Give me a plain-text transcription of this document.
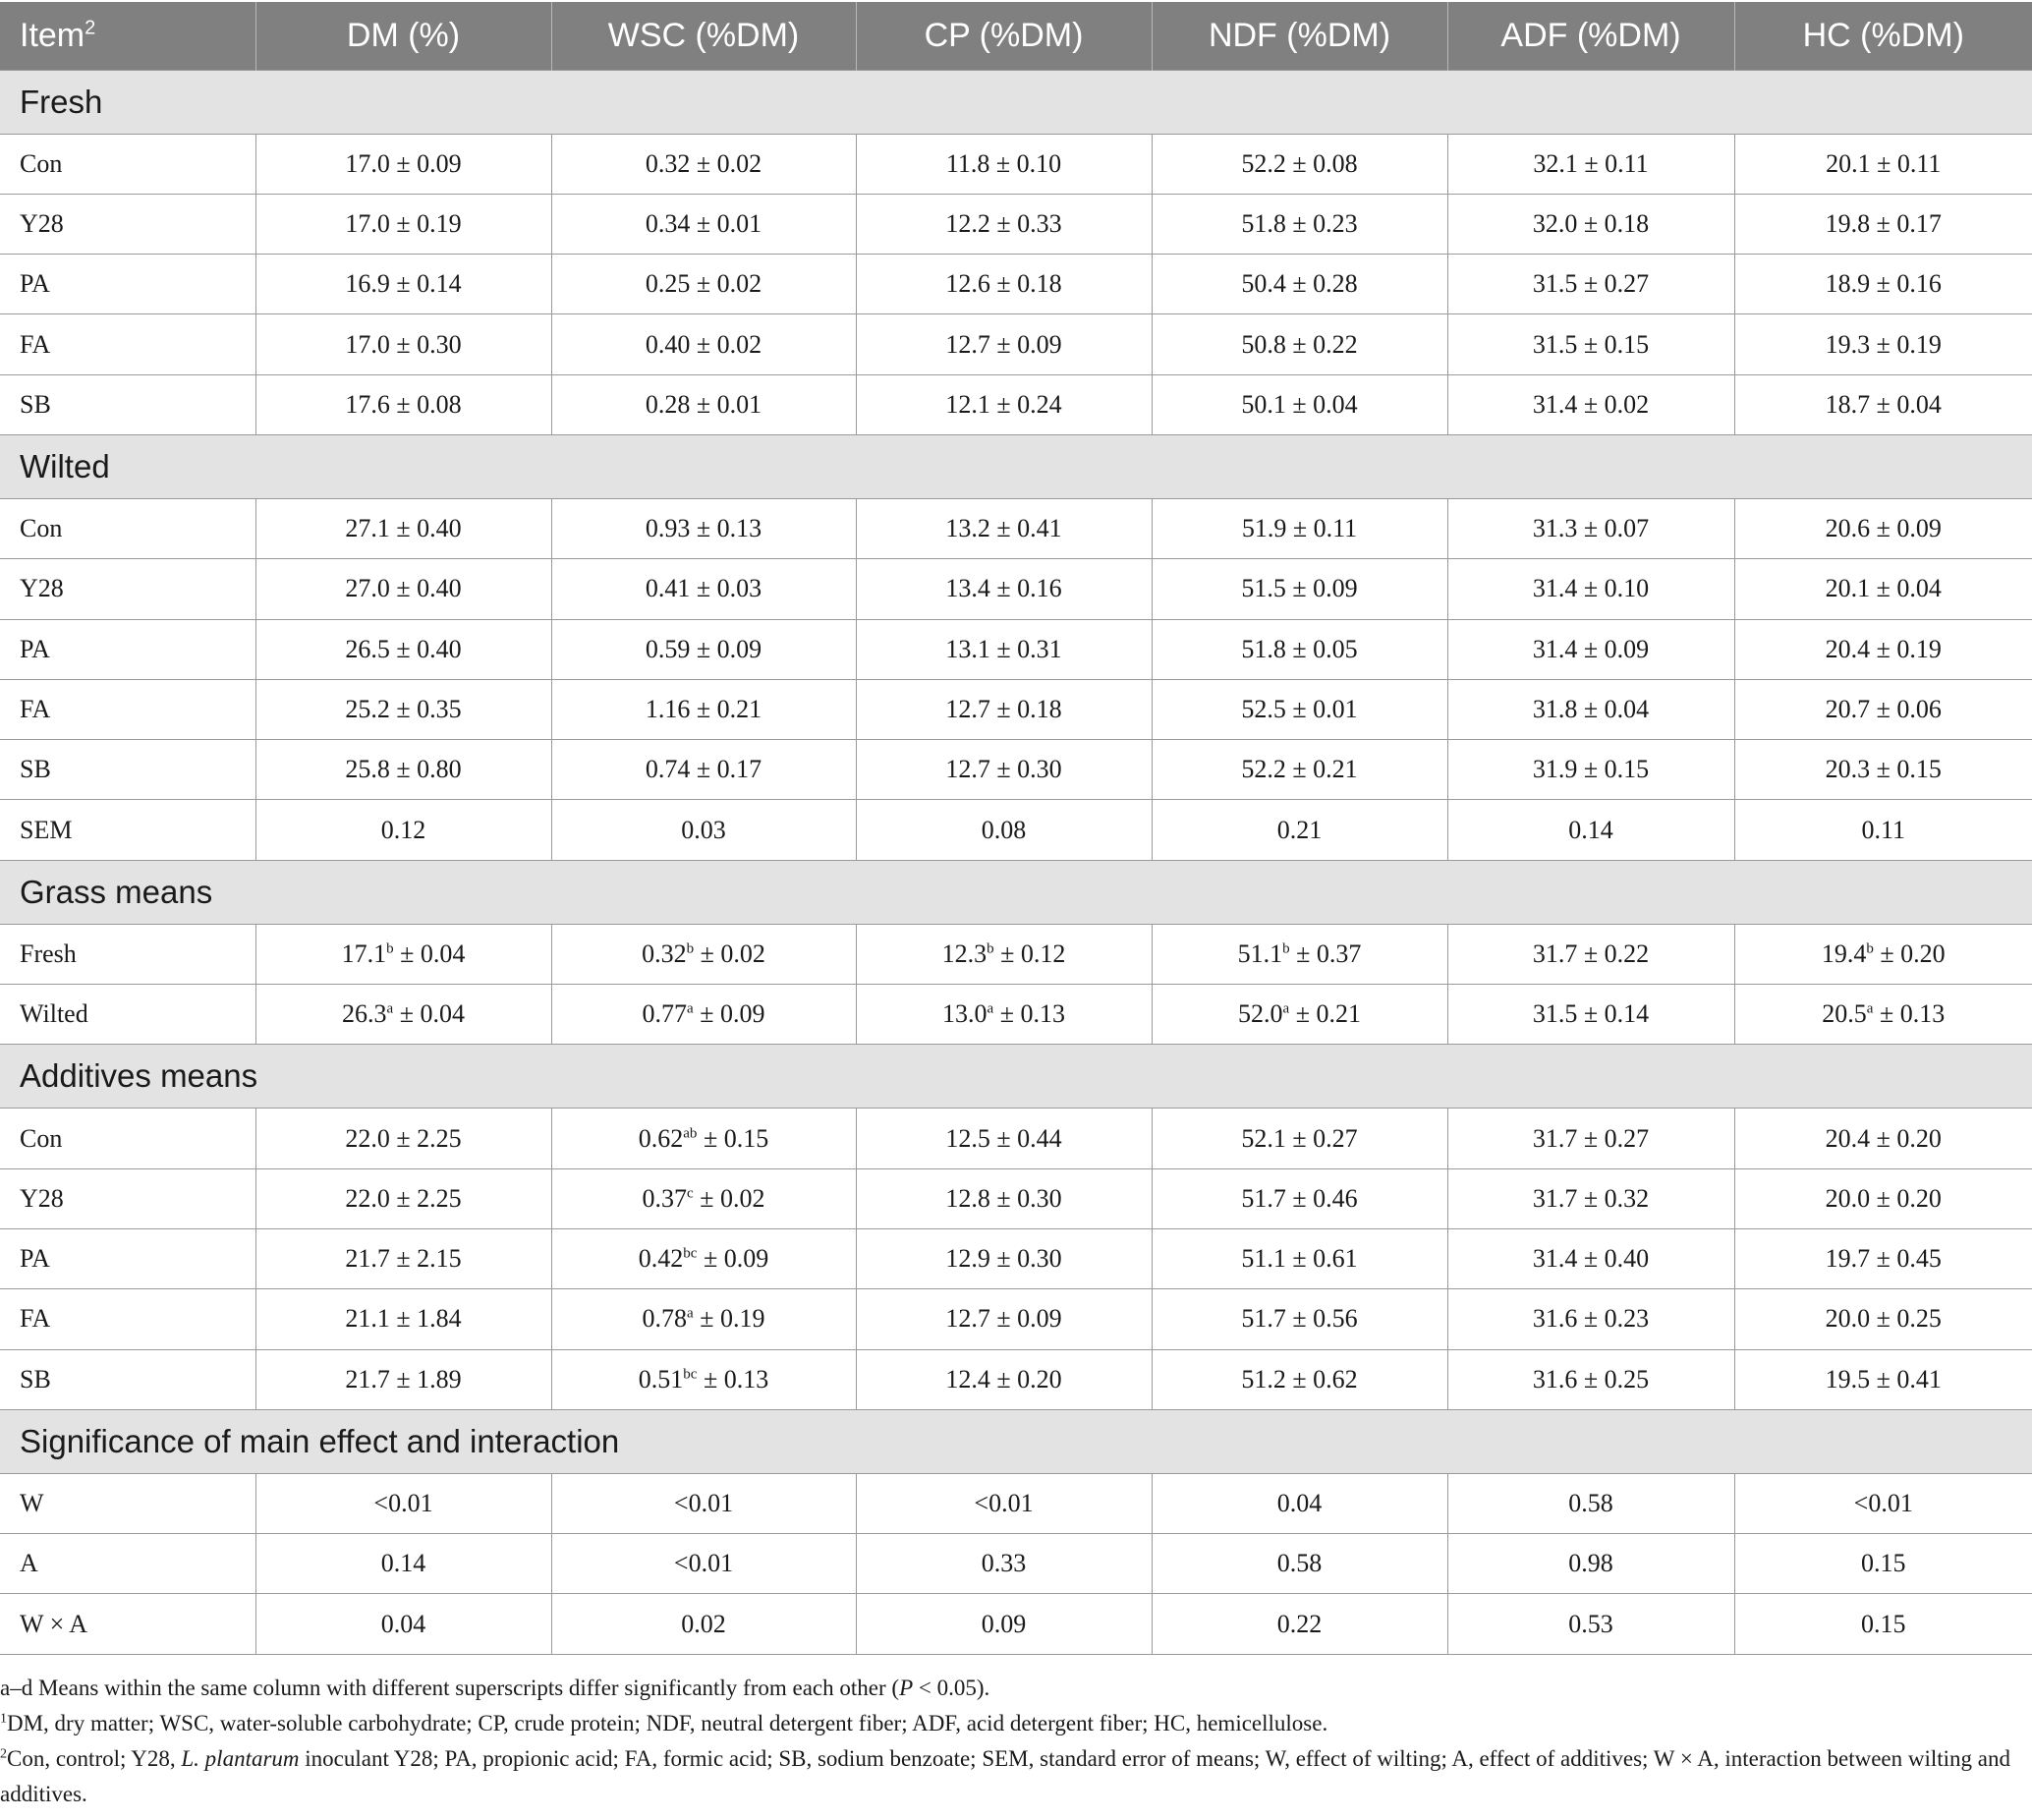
Item$^2$	DM (%)	WSC (%DM)	CP (%DM)	NDF (%DM)	ADF (%DM)	HC (%DM)
Fresh						
Con	17.0 ± 0.09	0.32 ± 0.02	11.8 ± 0.10	52.2 ± 0.08	32.1 ± 0.11	20.1 ± 0.11
Y28	17.0 ± 0.19	0.34 ± 0.01	12.2 ± 0.33	51.8 ± 0.23	32.0 ± 0.18	19.8 ± 0.17
PA	16.9 ± 0.14	0.25 ± 0.02	12.6 ± 0.18	50.4 ± 0.28	31.5 ± 0.27	18.9 ± 0.16
FA	17.0 ± 0.30	0.40 ± 0.02	12.7 ± 0.09	50.8 ± 0.22	31.5 ± 0.15	19.3 ± 0.19
SB	17.6 ± 0.08	0.28 ± 0.01	12.1 ± 0.24	50.1 ± 0.04	31.4 ± 0.02	18.7 ± 0.04
Wilted						
Con	27.1 ± 0.40	0.93 ± 0.13	13.2 ± 0.41	51.9 ± 0.11	31.3 ± 0.07	20.6 ± 0.09
Y28	27.0 ± 0.40	0.41 ± 0.03	13.4 ± 0.16	51.5 ± 0.09	31.4 ± 0.10	20.1 ± 0.04
PA	26.5 ± 0.40	0.59 ± 0.09	13.1 ± 0.31	51.8 ± 0.05	31.4 ± 0.09	20.4 ± 0.19
FA	25.2 ± 0.35	1.16 ± 0.21	12.7 ± 0.18	52.5 ± 0.01	31.8 ± 0.04	20.7 ± 0.06
SB	25.8 ± 0.80	0.74 ± 0.17	12.7 ± 0.30	52.2 ± 0.21	31.9 ± 0.15	20.3 ± 0.15
SEM	0.12	0.03	0.08	0.21	0.14	0.11
Grass means						
Fresh	17.1$^b$ ± 0.04	0.32$^b$ ± 0.02	12.3$^b$ ± 0.12	51.1$^b$ ± 0.37	31.7 ± 0.22	19.4$^b$ ± 0.20
Wilted	26.3$^a$ ± 0.04	0.77$^a$ ± 0.09	13.0$^a$ ± 0.13	52.0$^a$ ± 0.21	31.5 ± 0.14	20.5$^a$ ± 0.13
Additives means						
Con	22.0 ± 2.25	0.62$^{ab}$ ± 0.15	12.5 ± 0.44	52.1 ± 0.27	31.7 ± 0.27	20.4 ± 0.20
Y28	22.0 ± 2.25	0.37$^c$ ± 0.02	12.8 ± 0.30	51.7 ± 0.46	31.7 ± 0.32	20.0 ± 0.20
PA	21.7 ± 2.15	0.42$^{bc}$ ± 0.09	12.9 ± 0.30	51.1 ± 0.61	31.4 ± 0.40	19.7 ± 0.45
FA	21.1 ± 1.84	0.78$^a$ ± 0.19	12.7 ± 0.09	51.7 ± 0.56	31.6 ± 0.23	20.0 ± 0.25
SB	21.7 ± 1.89	0.51$^{bc}$ ± 0.13	12.4 ± 0.20	51.2 ± 0.62	31.6 ± 0.25	19.5 ± 0.41
Significance of main effect and interaction						
W	<0.01	<0.01	<0.01	0.04	0.58	<0.01
A	0.14	<0.01	0.33	0.58	0.98	0.15
W × A	0.04	0.02	0.09	0.22	0.53	0.15

a–d Means within the same column with different superscripts differ significantly from each other (P < 0.05).

$^1$DM, dry matter; WSC, water-soluble carbohydrate; CP, crude protein; NDF, neutral detergent fiber; ADF, acid detergent fiber; HC, hemicellulose.

$^2$Con, control; Y28, L. plantarum inoculant Y28; PA, propionic acid; FA, formic acid; SB, sodium benzoate; SEM, standard error of means; W, effect of wilting; A, effect of additives; W × A, interaction between wilting and additives.
